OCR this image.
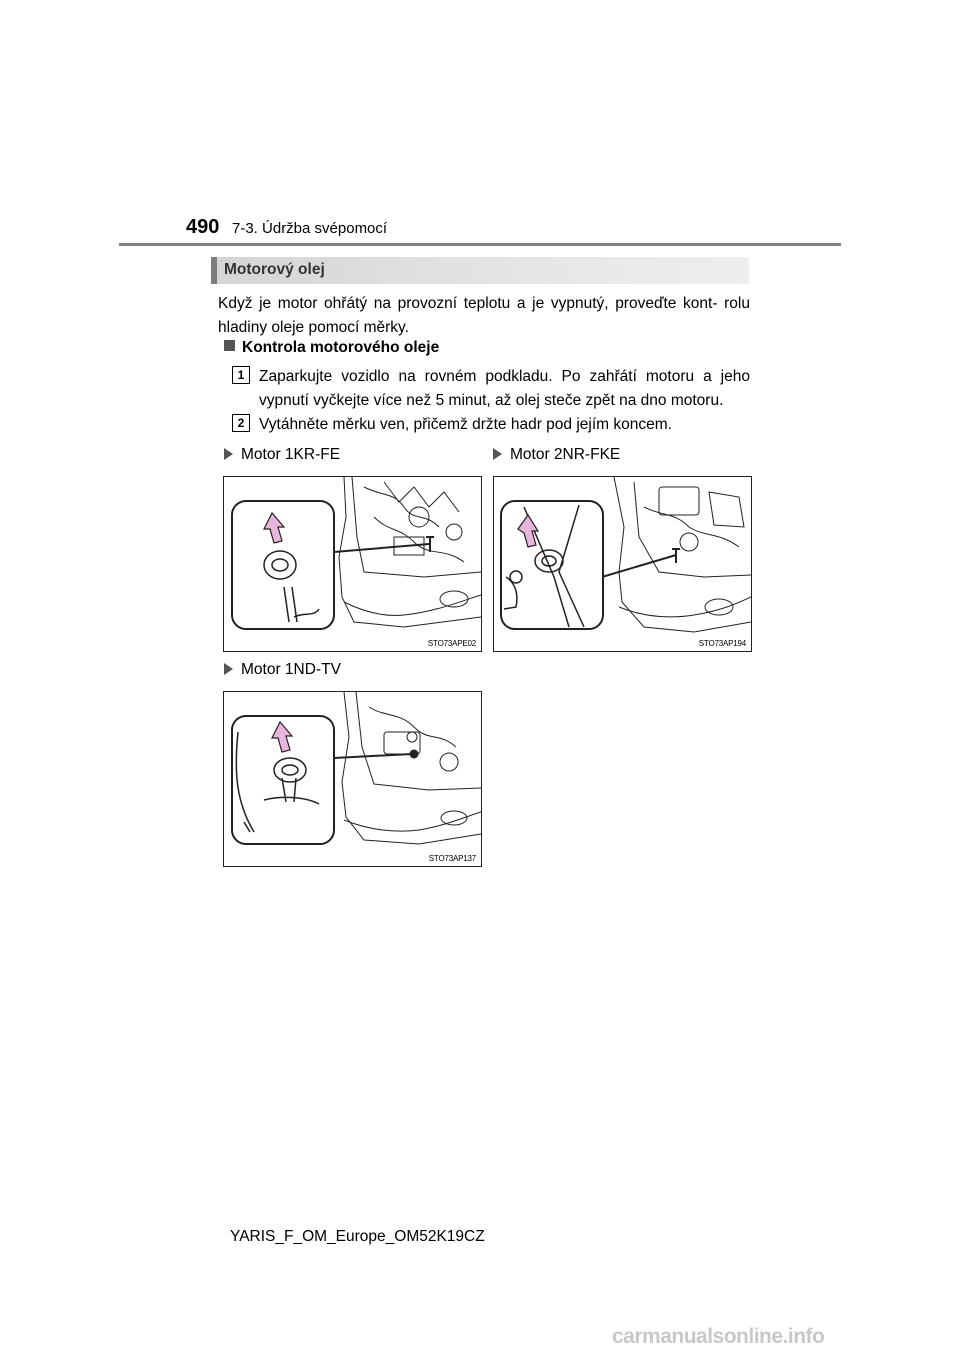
490 7-3. Údržba svépomocí
Motorový olej
Když je motor ohřátý na provozní teplotu a je vypnutý, proveďte kont- rolu hladiny oleje pomocí měrky.
Kontrola motorového oleje
1 Zaparkujte vozidlo na rovném podkladu. Po zahřátí motoru a jeho vypnutí vyčkejte více než 5 minut, až olej steče zpět na dno motoru.
2 Vytáhněte měrku ven, přičemž držte hadr pod jejím koncem.
Motor 1KR-FE	Motor 2NR-FKE
STO73APE02	STO73AP194
Motor 1ND-TV
STO73AP137
YARIS_F_OM_Europe_OM52K19CZ
carmanualsonline.info
